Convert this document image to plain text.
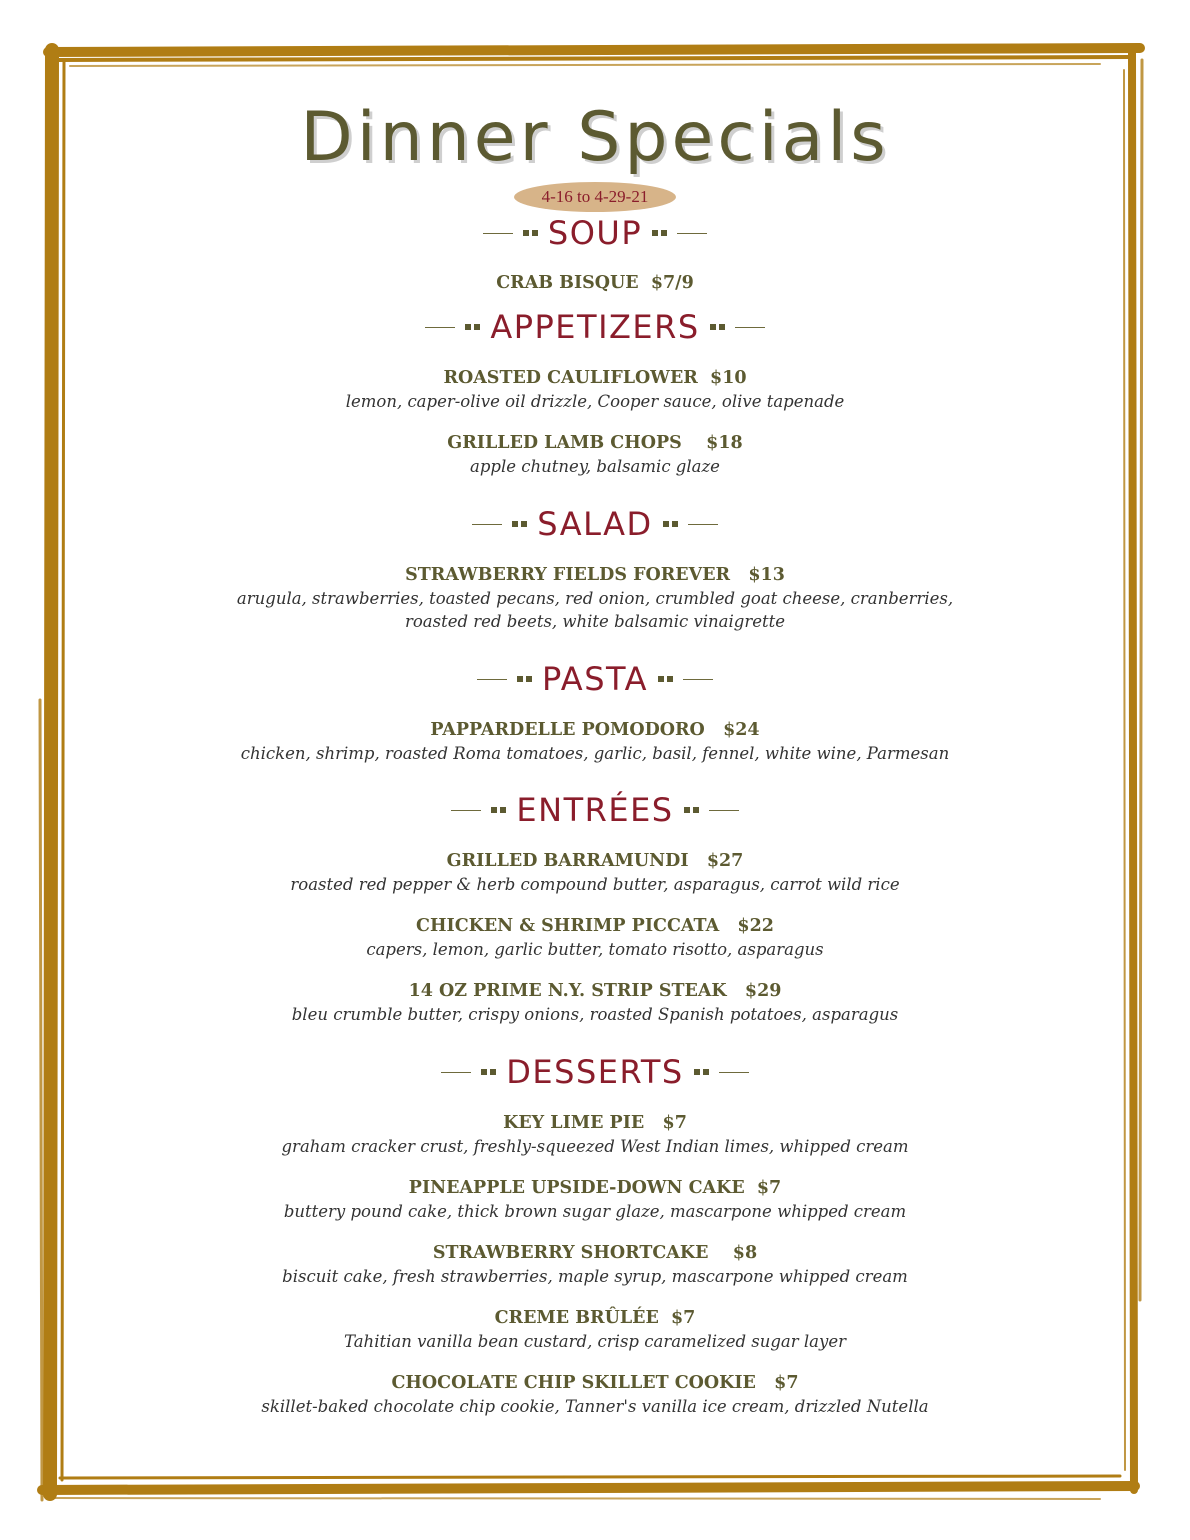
Dinner Specials
4-16 to 4-29-21
SOUP
CRAB BISQUE  $7/9
APPETIZERS
ROASTED CAULIFLOWER  $10
lemon, caper-olive oil drizzle, Cooper sauce, olive tapenade
GRILLED LAMB CHOPS    $18
apple chutney, balsamic glaze
SALAD
STRAWBERRY FIELDS FOREVER   $13
arugula, strawberries, toasted pecans, red onion, crumbled goat cheese, cranberries,
roasted red beets, white balsamic vinaigrette
PASTA
PAPPARDELLE POMODORO   $24
chicken, shrimp, roasted Roma tomatoes, garlic, basil, fennel, white wine, Parmesan
ENTRÉES
GRILLED BARRAMUNDI   $27
roasted red pepper & herb compound butter, asparagus, carrot wild rice
CHICKEN & SHRIMP PICCATA   $22
capers, lemon, garlic butter, tomato risotto, asparagus
14 OZ PRIME N.Y. STRIP STEAK   $29
bleu crumble butter, crispy onions, roasted Spanish potatoes, asparagus
DESSERTS
KEY LIME PIE   $7
graham cracker crust, freshly-squeezed West Indian limes, whipped cream
PINEAPPLE UPSIDE-DOWN CAKE  $7
buttery pound cake, thick brown sugar glaze, mascarpone whipped cream
STRAWBERRY SHORTCAKE    $8
biscuit cake, fresh strawberries, maple syrup, mascarpone whipped cream
CREME BRÛLÉE  $7
Tahitian vanilla bean custard, crisp caramelized sugar layer
CHOCOLATE CHIP SKILLET COOKIE   $7
skillet-baked chocolate chip cookie, Tanner's vanilla ice cream, drizzled Nutella
